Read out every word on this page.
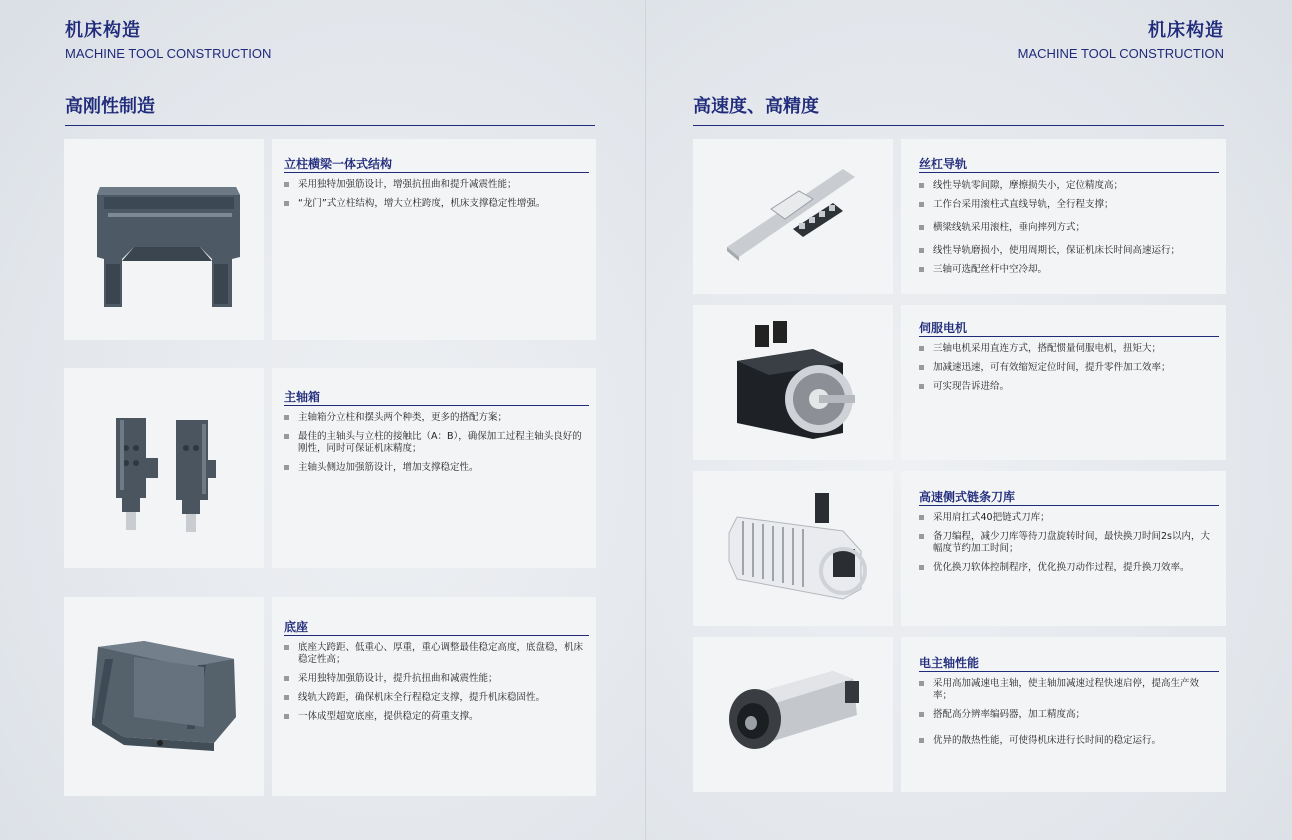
机床构造
MACHINE TOOL CONSTRUCTION
高刚性制造
机床构造
MACHINE TOOL CONSTRUCTION
高速度、高精度
立柱横梁一体式结构
采用独特加强筋设计，增强抗扭曲和提升减震性能；
“龙门”式立柱结构，增大立柱跨度，机床支撑稳定性增强。
主轴箱
主轴箱分立柱和摆头两个种类，更多的搭配方案；
最佳的主轴头与立柱的接触比（A：B），确保加工过程主轴头良好的刚性，同时可保证机床精度；
主轴头侧边加强筋设计，增加支撑稳定性。
底座
底座大跨距、低重心、厚重，重心调整最佳稳定高度，底盘稳，机床稳定性高；
采用独特加强筋设计，提升抗扭曲和减震性能；
线轨大跨距，确保机床全行程稳定支撑，提升机床稳固性。
一体成型超宽底座，提供稳定的荷重支撑。
丝杠导轨
线性导轨零间隙，摩擦损失小，定位精度高；
工作台采用滚柱式直线导轨，全行程支撑；
横梁线轨采用滚柱，垂向摔列方式；
线性导轨磨损小，使用周期长，保证机床长时间高速运行；
三轴可选配丝杆中空冷却。
伺服电机
三轴电机采用直连方式，搭配惯量伺服电机，扭矩大；
加减速迅速，可有效缩短定位时间，提升零件加工效率；
可实现告诉进给。
高速侧式链条刀库
采用肩扛式40把链式刀库；
备刀编程，减少刀库等待刀盘旋转时间，最快换刀时间2s以内，大幅度节约加工时间；
优化换刀软体控制程序，优化换刀动作过程，提升换刀效率。
电主轴性能
采用高加减速电主轴，使主轴加减速过程快速启停，提高生产效率；
搭配高分辨率编码器，加工精度高；
优异的散热性能，可使得机床进行长时间的稳定运行。
